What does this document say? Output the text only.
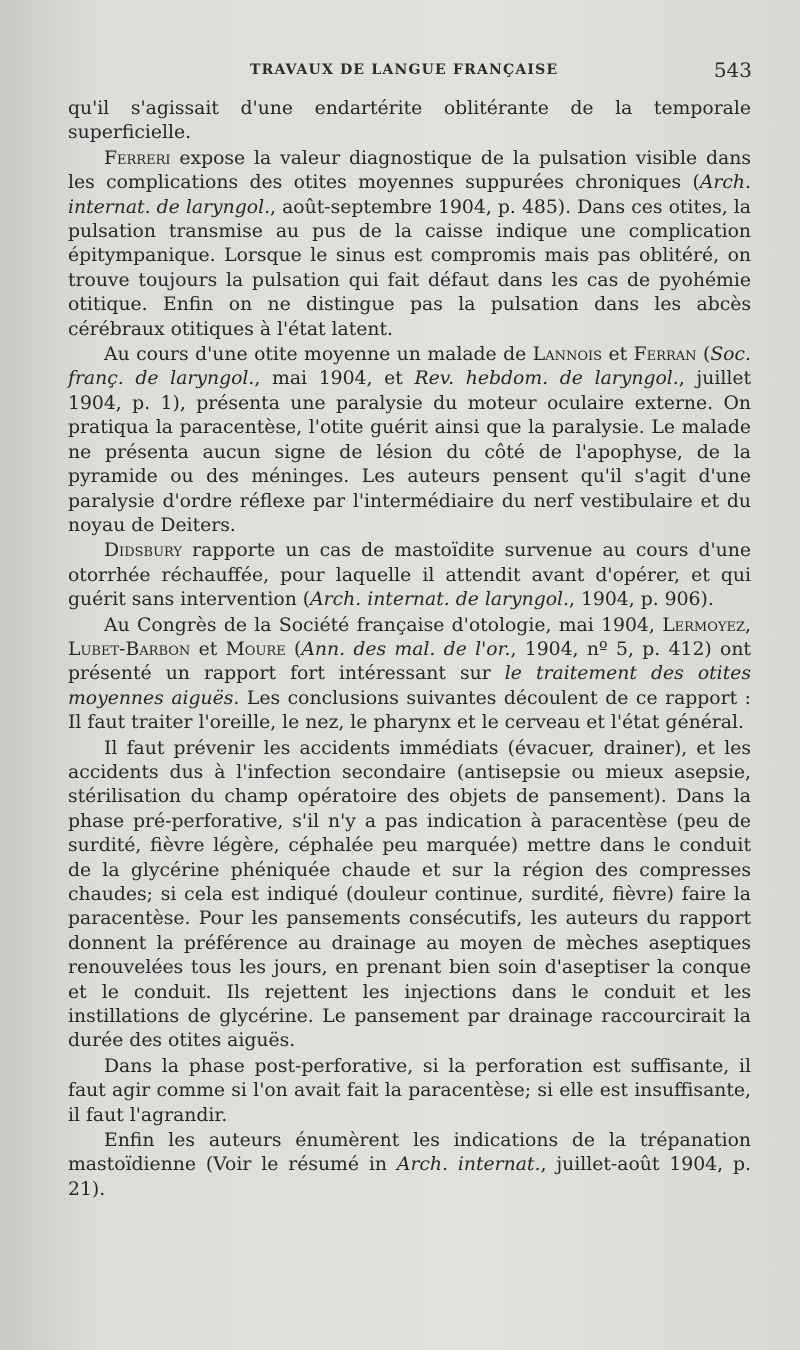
TRAVAUX DE LANGUE FRANÇAISE	543

qu'il s'agissait d'une endartérite oblitérante de la temporale superficielle.

Ferreri expose la valeur diagnostique de la pulsation visible dans les complications des otites moyennes suppurées chroniques (Arch. internat. de laryngol., août-septembre 1904, p. 485). Dans ces otites, la pulsation transmise au pus de la caisse indique une complication épitympanique. Lorsque le sinus est compromis mais pas oblitéré, on trouve toujours la pulsation qui fait défaut dans les cas de pyohémie otitique. Enfin on ne distingue pas la pulsation dans les abcès cérébraux otitiques à l'état latent.

Au cours d'une otite moyenne un malade de Lannois et Ferran (Soc. franç. de laryngol., mai 1904, et Rev. hebdom. de laryngol., juillet 1904, p. 1), présenta une paralysie du moteur oculaire externe. On pratiqua la paracentèse, l'otite guérit ainsi que la paralysie. Le malade ne présenta aucun signe de lésion du côté de l'apophyse, de la pyramide ou des méninges. Les auteurs pensent qu'il s'agit d'une paralysie d'ordre réflexe par l'intermédiaire du nerf vestibulaire et du noyau de Deiters.

Didsbury rapporte un cas de mastoïdite survenue au cours d'une otorrhée réchauffée, pour laquelle il attendit avant d'opérer, et qui guérit sans intervention (Arch. internat. de laryngol., 1904, p. 906).

Au Congrès de la Société française d'otologie, mai 1904, Lermoyez, Lubet-Barbon et Moure (Ann. des mal. de l'or., 1904, nº 5, p. 412) ont présenté un rapport fort intéressant sur le traitement des otites moyennes aiguës. Les conclusions suivantes découlent de ce rapport : Il faut traiter l'oreille, le nez, le pharynx et le cerveau et l'état général.

Il faut prévenir les accidents immédiats (évacuer, drainer), et les accidents dus à l'infection secondaire (antisepsie ou mieux asepsie, stérilisation du champ opératoire des objets de pansement). Dans la phase pré-perforative, s'il n'y a pas indication à paracentèse (peu de surdité, fièvre légère, céphalée peu marquée) mettre dans le conduit de la glycérine phéniquée chaude et sur la région des compresses chaudes; si cela est indiqué (douleur continue, surdité, fièvre) faire la paracentèse. Pour les pansements consécutifs, les auteurs du rapport donnent la préférence au drainage au moyen de mèches aseptiques renouvelées tous les jours, en prenant bien soin d'aseptiser la conque et le conduit. Ils rejettent les injections dans le conduit et les instillations de glycérine. Le pansement par drainage raccourcirait la durée des otites aiguës.

Dans la phase post-perforative, si la perforation est suffisante, il faut agir comme si l'on avait fait la paracentèse; si elle est insuffisante, il faut l'agrandir.

Enfin les auteurs énumèrent les indications de la trépanation mastoïdienne (Voir le résumé in Arch. internat., juillet-août 1904, p. 21).
